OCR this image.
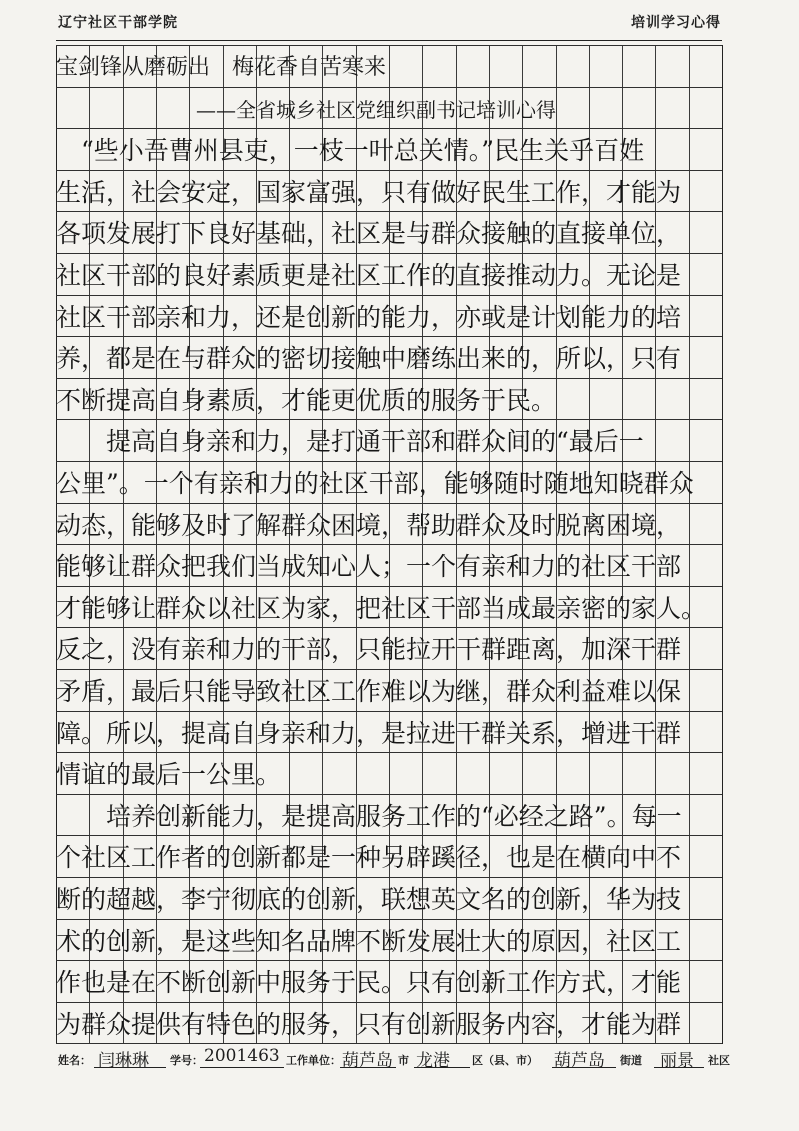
辽宁社区干部学院	培训学习心得
宝剑锋从磨砺出　梅花香自苦寒来
　　　　　　　——全省城乡社区党组织副书记培训心得
　“些小吾曹州县吏，一枝一叶总关情。”民生关乎百姓
生活，社会安定，国家富强，只有做好民生工作，才能为
各项发展打下良好基础，社区是与群众接触的直接单位，
社区干部的良好素质更是社区工作的直接推动力。无论是
社区干部亲和力，还是创新的能力，亦或是计划能力的培
养，都是在与群众的密切接触中磨练出来的，所以，只有
不断提高自身素质，才能更优质的服务于民。
　　提高自身亲和力，是打通干部和群众间的“最后一
公里”。一个有亲和力的社区干部，能够随时随地知晓群众
动态，能够及时了解群众困境，帮助群众及时脱离困境，
能够让群众把我们当成知心人；一个有亲和力的社区干部
才能够让群众以社区为家，把社区干部当成最亲密的家人。
反之，没有亲和力的干部，只能拉开干群距离，加深干群
矛盾，最后只能导致社区工作难以为继，群众利益难以保
障。所以，提高自身亲和力，是拉进干群关系，增进干群
情谊的最后一公里。
　　培养创新能力，是提高服务工作的“必经之路”。每一
个社区工作者的创新都是一种另辟蹊径，也是在横向中不
断的超越，李宁彻底的创新，联想英文名的创新，华为技
术的创新，是这些知名品牌不断发展壮大的原因，社区工
作也是在不断创新中服务于民。只有创新工作方式，才能
为群众提供有特色的服务，只有创新服务内容，才能为群
姓名： 闫琳琳 学号： 2001463 工作单位： 葫芦岛 市 龙港 区（县、市） 葫芦岛 街道 丽景 社区
